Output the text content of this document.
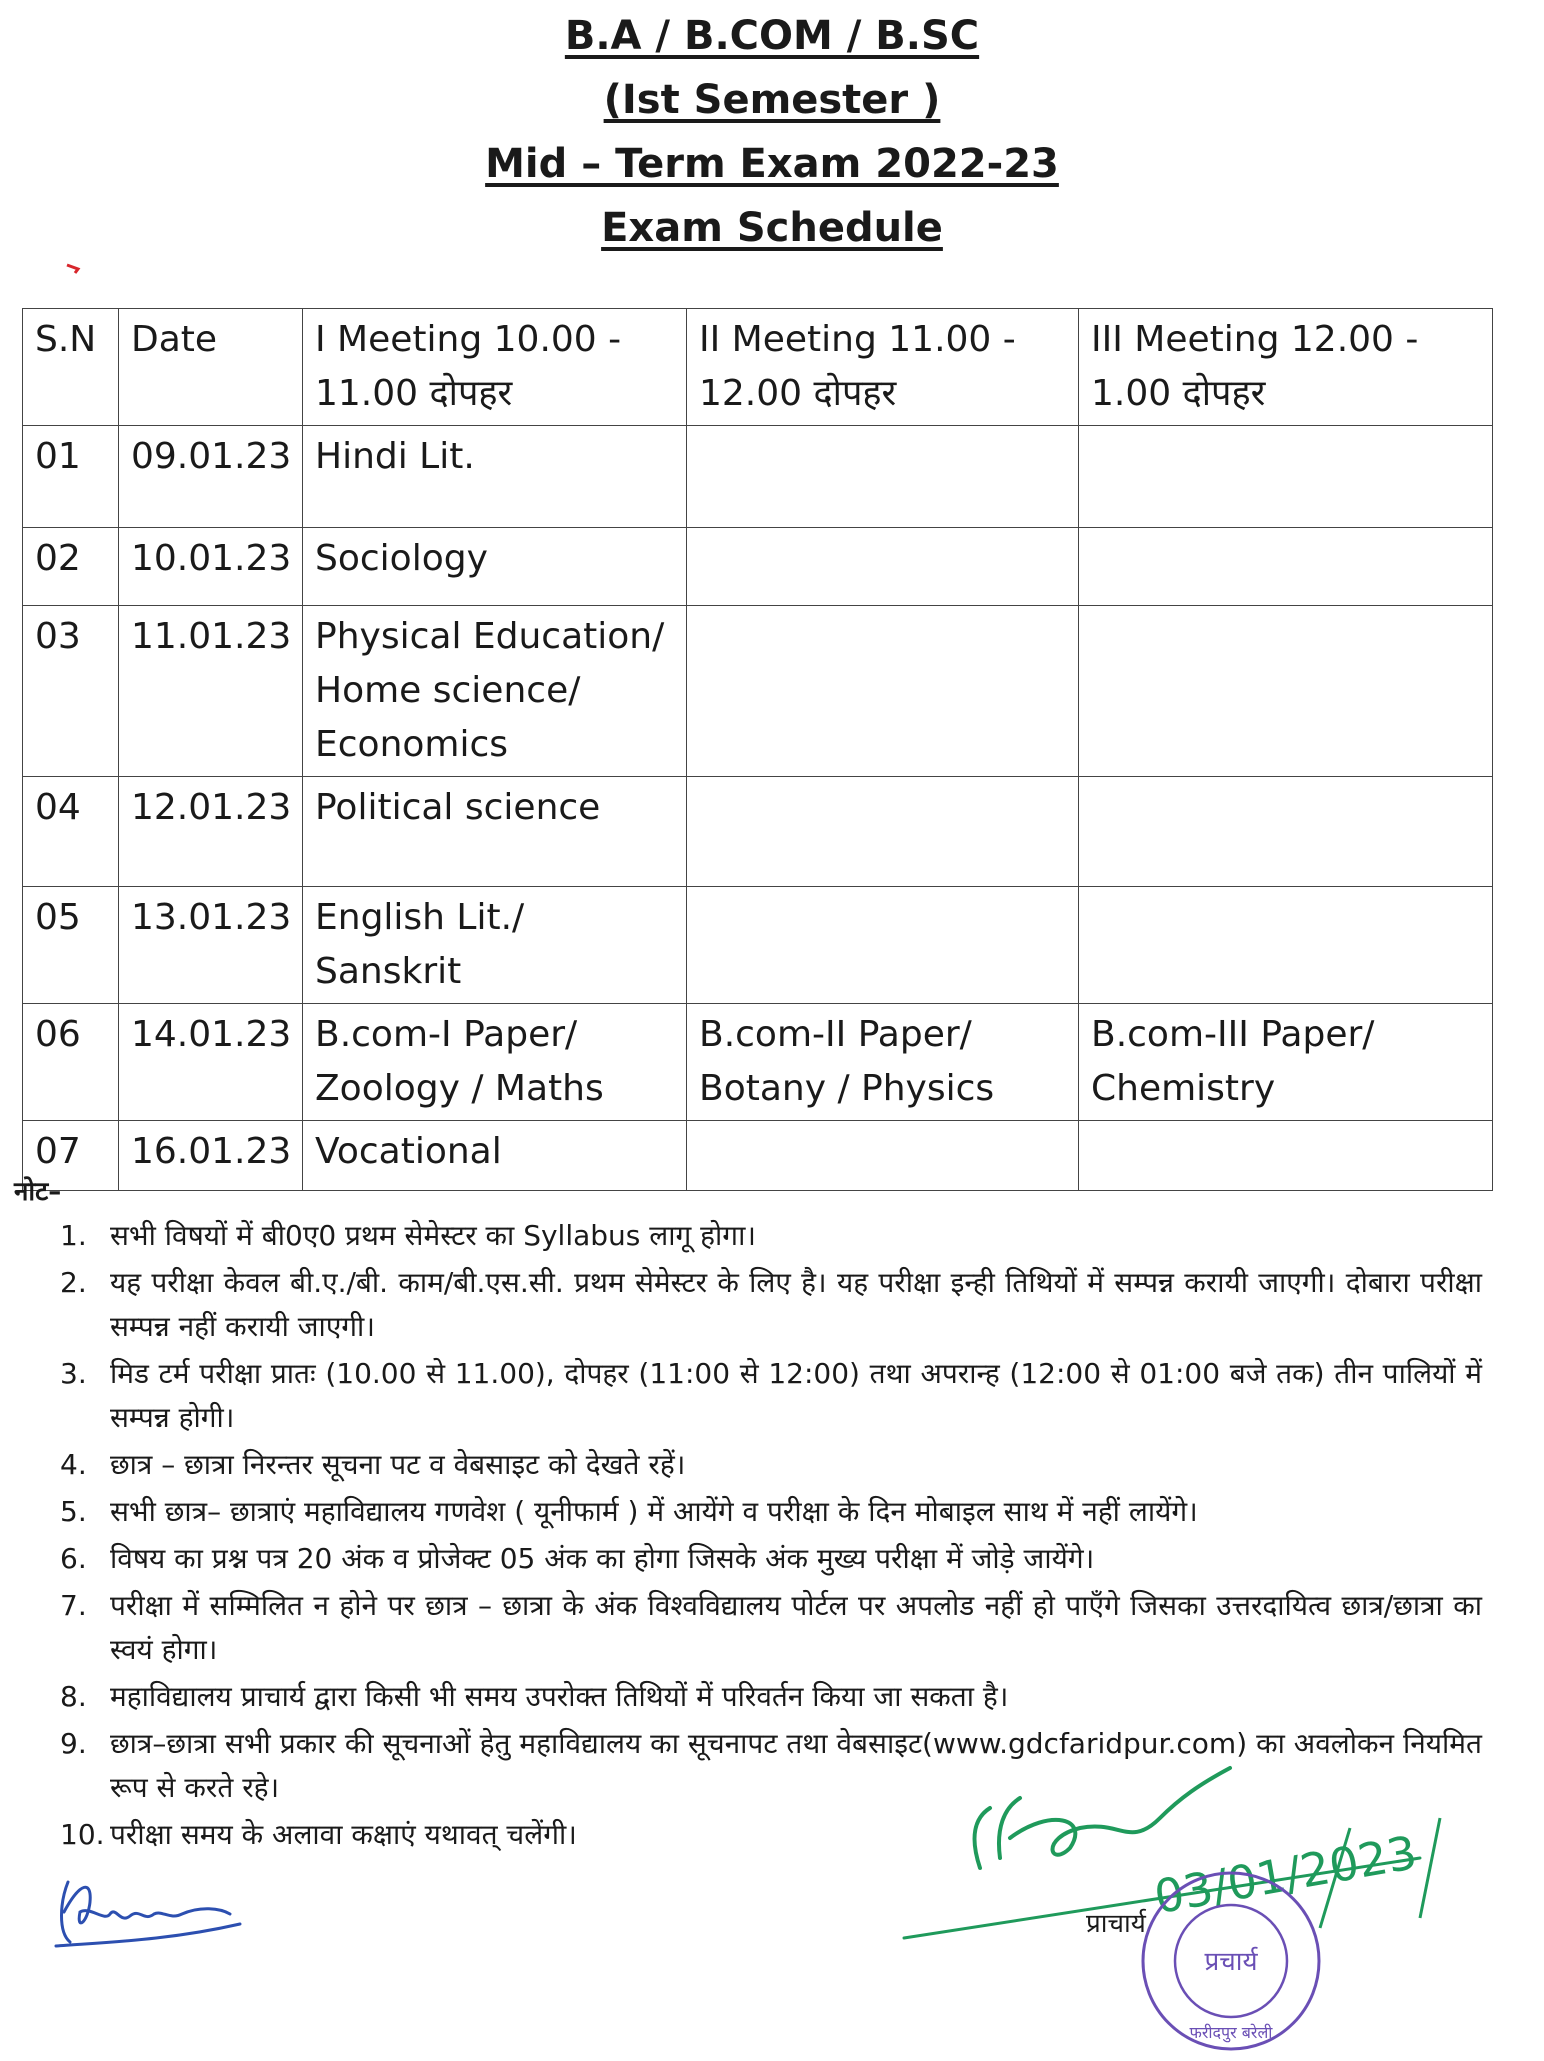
B.A / B.COM / B.SC
(Ist Semester )
Mid – Term Exam 2022-23
Exam Schedule
S.N	Date	I Meeting 10.00 - 11.00 दोपहर	II Meeting 11.00 - 12.00 दोपहर	III Meeting 12.00 - 1.00 दोपहर
01	09.01.23	Hindi Lit.		
02	10.01.23	Sociology		
03	11.01.23	Physical Education/ Home science/ Economics		
04	12.01.23	Political science		
05	13.01.23	English Lit./ Sanskrit		
06	14.01.23	B.com-I Paper/ Zoology / Maths	B.com-II Paper/ Botany / Physics	B.com-III Paper/ Chemistry
07	16.01.23	Vocational		
नोट–
1. सभी विषयों में बी0ए0 प्रथम सेमेस्टर का Syllabus लागू होगा।
2. यह परीक्षा केवल बी.ए./बी. काम/बी.एस.सी. प्रथम सेमेस्टर के लिए है। यह परीक्षा इन्ही तिथियों में सम्पन्न करायी जाएगी। दोबारा परीक्षा सम्पन्न नहीं करायी जाएगी।
3. मिड टर्म परीक्षा प्रातः (10.00 से 11.00), दोपहर (11:00 से 12:00) तथा अपरान्ह (12:00 से 01:00 बजे तक) तीन पालियों में सम्पन्न होगी।
4. छात्र – छात्रा निरन्तर सूचना पट व वेबसाइट को देखते रहें।
5. सभी छात्र– छात्राएं महाविद्यालय गणवेश ( यूनीफार्म ) में आयेंगे व परीक्षा के दिन मोबाइल साथ में नहीं लायेंगे।
6. विषय का प्रश्न पत्र 20 अंक व प्रोजेक्ट 05 अंक का होगा जिसके अंक मुख्य परीक्षा में जोड़े जायेंगे।
7. परीक्षा में सम्मिलित न होने पर छात्र – छात्रा के अंक विश्वविद्यालय पोर्टल पर अपलोड नहीं हो पाएँगे जिसका उत्तरदायित्व छात्र/छात्रा का स्वयं होगा।
8. महाविद्यालय प्राचार्य द्वारा किसी भी समय उपरोक्त तिथियों में परिवर्तन किया जा सकता है।
9. छात्र–छात्रा सभी प्रकार की सूचनाओं हेतु महाविद्यालय का सूचनापट तथा वेबसाइट(www.gdcfaridpur.com) का अवलोकन नियमित रूप से करते रहे।
10. परीक्षा समय के अलावा कक्षाएं यथावत् चलेंगी।	03/01/2023
प्रचार्य
फरीदपुर बरेली
प्राचार्य
